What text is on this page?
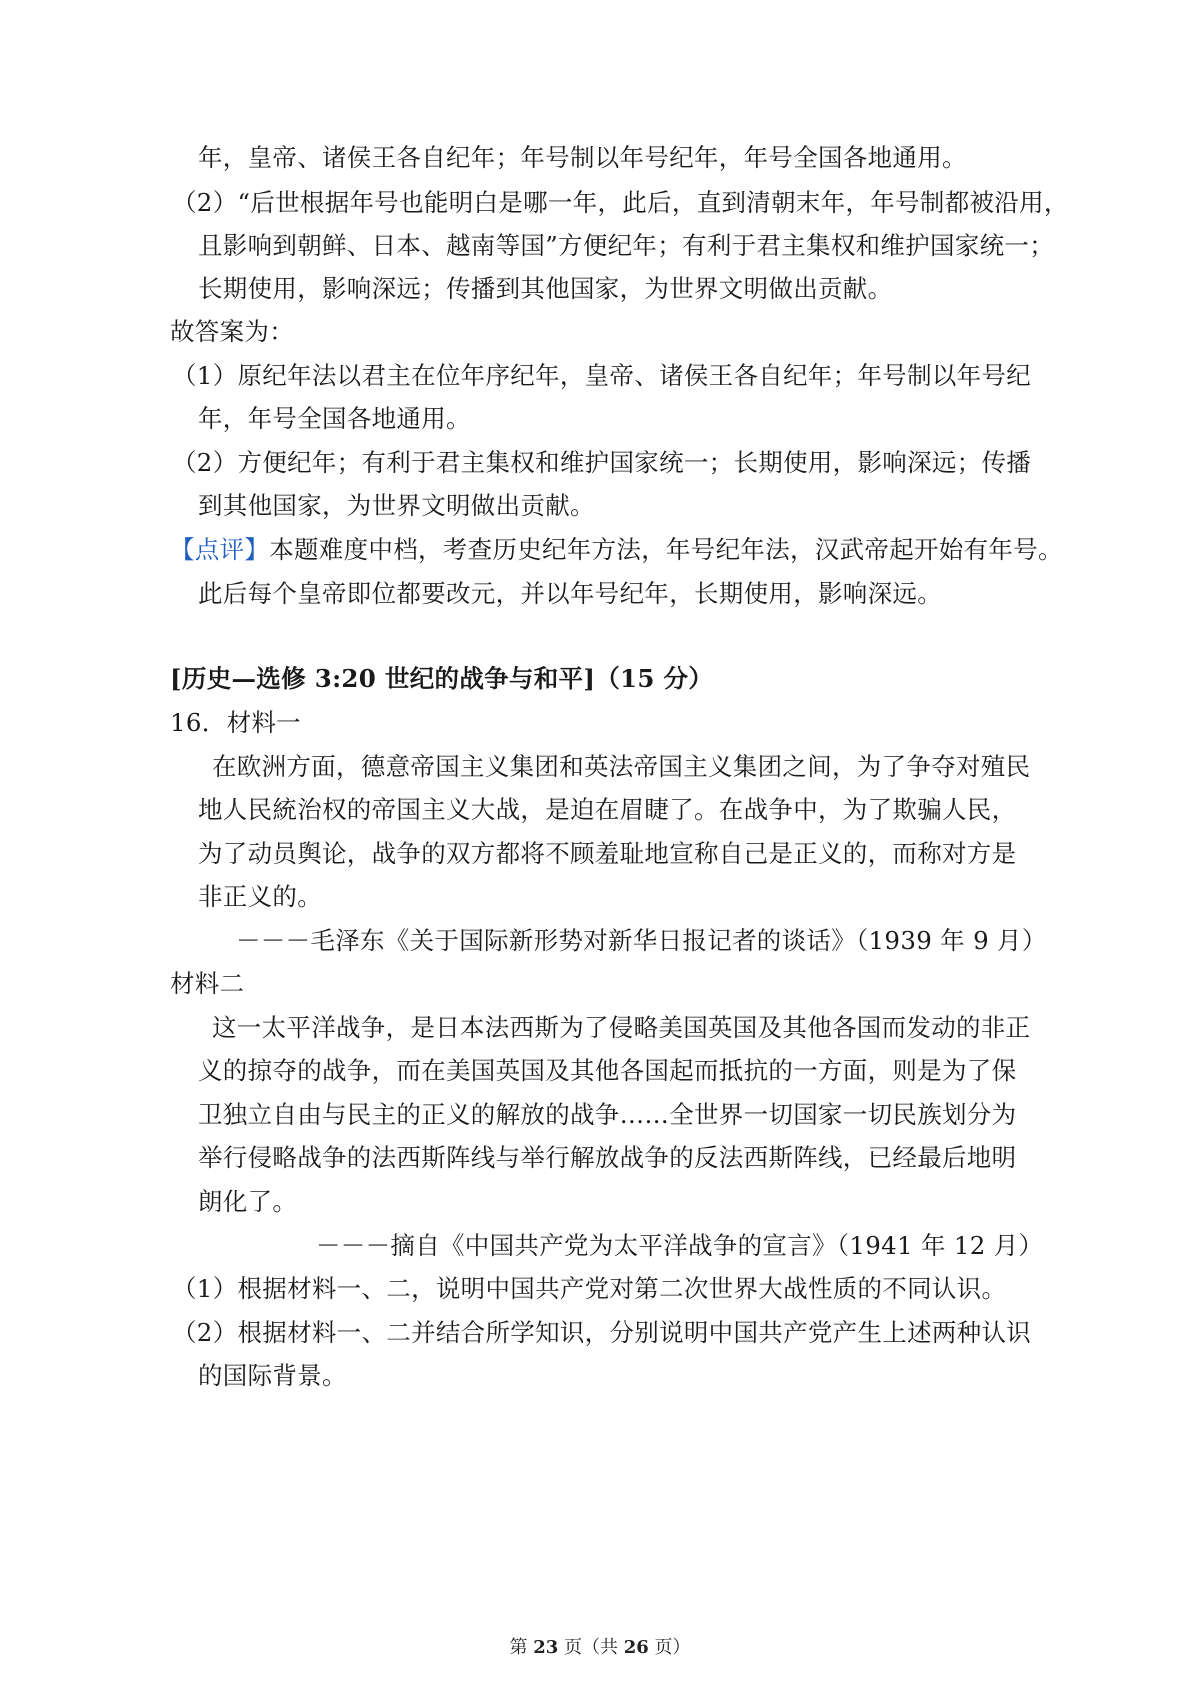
年，皇帝、诸侯王各自纪年；年号制以年号纪年，年号全国各地通用。
（2）“后世根据年号也能明白是哪一年，此后，直到清朝末年，年号制都被沿用，
且影响到朝鲜、日本、越南等国”方便纪年；有利于君主集权和维护国家统一；
长期使用，影响深远；传播到其他国家，为世界文明做出贡献。
故答案为：
（1）原纪年法以君主在位年序纪年，皇帝、诸侯王各自纪年；年号制以年号纪
年，年号全国各地通用。
（2）方便纪年；有利于君主集权和维护国家统一；长期使用，影响深远；传播
到其他国家，为世界文明做出贡献。
【点评】本题难度中档，考查历史纪年方法，年号纪年法，汉武帝起开始有年号。
此后每个皇帝即位都要改元，并以年号纪年，长期使用，影响深远。
[历史—选修 3:20 世纪的战争与和平]（15 分）
16．材料一
在欧洲方面，德意帝国主义集团和英法帝国主义集团之间，为了争夺对殖民
地人民統治权的帝国主义大战，是迫在眉睫了。在战争中，为了欺骗人民，
为了动员舆论，战争的双方都将不顾羞耻地宣称自己是正义的，而称对方是
非正义的。
－－－毛泽东《关于国际新形势对新华日报记者的谈话》（1939 年 9 月）
材料二
这一太平洋战争，是日本法西斯为了侵略美国英国及其他各国而发动的非正
义的掠夺的战争，而在美国英国及其他各国起而抵抗的一方面，则是为了保
卫独立自由与民主的正义的解放的战争……全世界一切国家一切民族划分为
举行侵略战争的法西斯阵线与举行解放战争的反法西斯阵线，已经最后地明
朗化了。
－－－摘自《中国共产党为太平洋战争的宣言》（1941 年 12 月）
（1）根据材料一、二，说明中国共产党对第二次世界大战性质的不同认识。
（2）根据材料一、二并结合所学知识，分别说明中国共产党产生上述两种认识
的国际背景。
第 23 页（共 26 页）
